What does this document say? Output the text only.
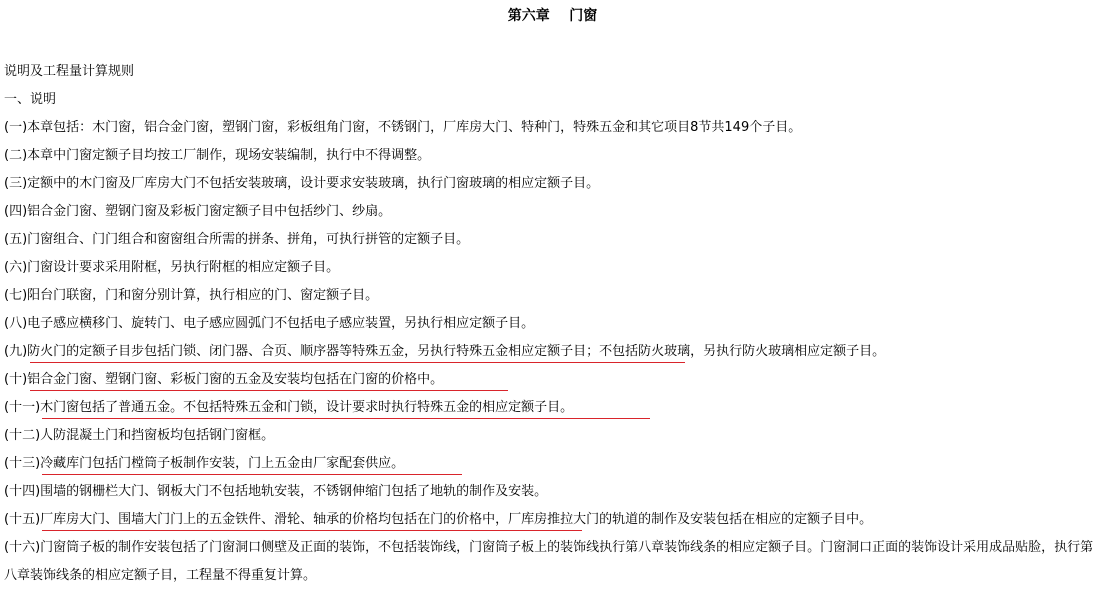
第六章    门窗
说明及工程量计算规则
一、说明
(一)本章包括：木门窗，铝合金门窗，塑钢门窗，彩板组角门窗，不锈钢门，厂库房大门、特种门，特殊五金和其它项目8节共149个子目。
(二)本章中门窗定额子目均按工厂制作，现场安装编制，执行中不得调整。
(三)定额中的木门窗及厂库房大门不包括安装玻璃，设计要求安装玻璃，执行门窗玻璃的相应定额子目。
(四)铝合金门窗、塑钢门窗及彩板门窗定额子目中包括纱门、纱扇。
(五)门窗组合、门门组合和窗窗组合所需的拼条、拼角，可执行拼管的定额子目。
(六)门窗设计要求采用附框，另执行附框的相应定额子目。
(七)阳台门联窗，门和窗分别计算，执行相应的门、窗定额子目。
(八)电子感应横移门、旋转门、电子感应圆弧门不包括电子感应装置，另执行相应定额子目。
(九)防火门的定额子目步包括门锁、闭门器、合页、顺序器等特殊五金，另执行特殊五金相应定额子目；不包括防火玻璃，另执行防火玻璃相应定额子目。
(十)铝合金门窗、塑钢门窗、彩板门窗的五金及安装均包括在门窗的价格中。
(十一)木门窗包括了普通五金。不包括特殊五金和门锁，设计要求时执行特殊五金的相应定额子目。
(十二)人防混凝土门和挡窗板均包括钢门窗框。
(十三)冷藏库门包括门樘筒子板制作安装，门上五金由厂家配套供应。
(十四)围墙的钢栅栏大门、钢板大门不包括地轨安装，不锈钢伸缩门包括了地轨的制作及安装。
(十五)厂库房大门、围墙大门门上的五金铁件、滑轮、轴承的价格均包括在门的价格中，厂库房推拉大门的轨道的制作及安装包括在相应的定额子目中。
(十六)门窗筒子板的制作安装包括了门窗洞口侧壁及正面的装饰，不包括装饰线，门窗筒子板上的装饰线执行第八章装饰线条的相应定额子目。门窗洞口正面的装饰设计采用成品贴脸，执行第八章装饰线条的相应定额子目，工程量不得重复计算。
